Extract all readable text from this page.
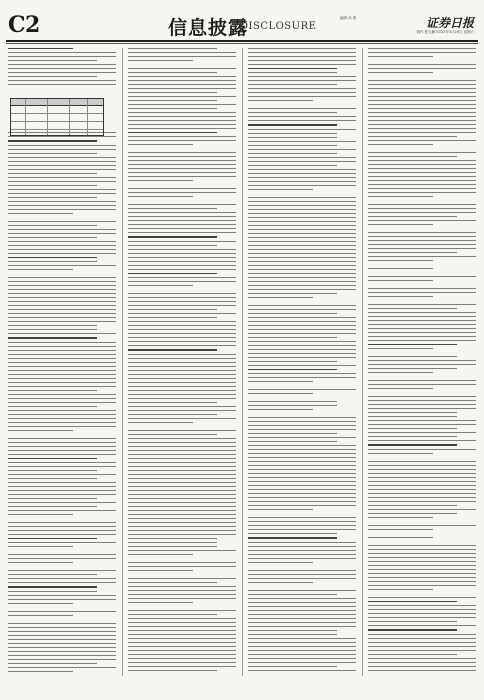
C2	信息披露
DISCLOSURE
编辑 孙 倩	证券日报
制作 张玉鹏 2022年3月26日 星期六
